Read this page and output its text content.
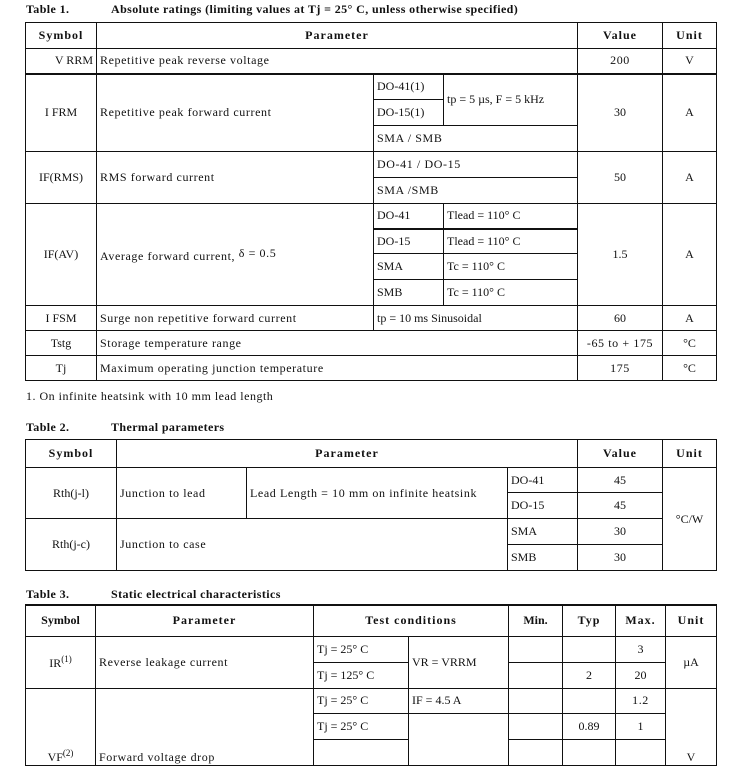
Table 1.	Absolute ratings (limiting values at Tj = 25° C, unless otherwise specified)
Symbol	Parameter			Value	Unit
V RRM	Repetitive peak reverse voltage			200	V
I FRM	Repetitive peak forward current	DO-41(1)	tp = 5 µs, F = 5 kHz	30	A
		DO-15(1)			
		SMA / SMB			
IF(RMS)	RMS forward current	DO-41 / DO-15		50	A
		SMA /SMB			
IF(AV)	Average forward current, δ = 0.5	DO-41	Tlead = 110° C	1.5	A
		DO-15	Tlead = 110° C		
		SMA	Tc = 110° C		
		SMB	Tc = 110° C		
I FSM	Surge non repetitive forward current	tp = 10 ms Sinusoidal		60	A
Tstg	Storage temperature range			-65 to + 175	°C
Tj	Maximum operating junction temperature			175	°C
1. On infinite heatsink with 10 mm lead length
Table 2.	Thermal parameters
Symbol	Parameter			Value	Unit
Rth(j-l)	Junction to lead	Lead Length = 10 mm on infinite heatsink	DO-41	45	°C/W
			DO-15	45	
Rth(j-c)	Junction to case		SMA	30	
			SMB	30	
Table 3.	Static electrical characteristics
Symbol	Parameter	Test conditions		Min.	Typ	Max.	Unit
IR$^{(1)}$	Reverse leakage current	Tj = 25° C	VR = VRRM			3	µA
		Tj = 125° C			2	20	
VF$^{(2)}$	Forward voltage drop	Tj = 25° C	IF = 4.5 A			1.2	V
		Tj = 25° C			0.89	1	
